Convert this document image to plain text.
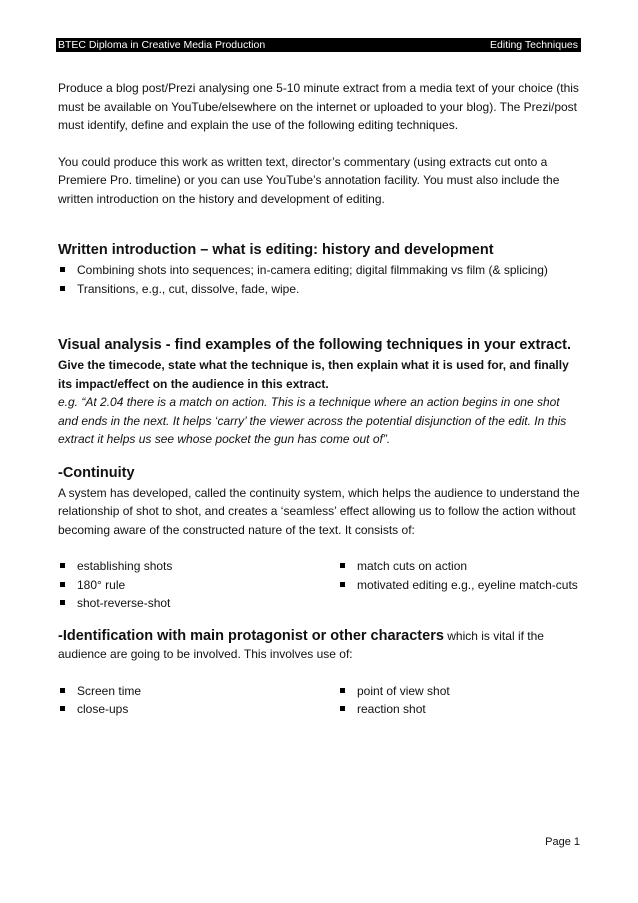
BTEC Diploma in Creative Media Production	Editing Techniques

Produce a blog post/Prezi analysing one 5-10 minute extract from a media text of your choice (this must be available on YouTube/elsewhere on the internet or uploaded to your blog). The Prezi/post must identify, define and explain the use of the following editing techniques.

You could produce this work as written text, director’s commentary (using extracts cut onto a Premiere Pro. timeline) or you can use YouTube’s annotation facility. You must also include the written introduction on the history and development of editing.

Written introduction – what is editing: history and development
Combining shots into sequences; in-camera editing; digital filmmaking vs film (& splicing)
Transitions, e.g., cut, dissolve, fade, wipe.
Visual analysis - find examples of the following techniques in your extract.

Give the timecode, state what the technique is, then explain what it is used for, and finally its impact/effect on the audience in this extract.

e.g. “At 2.04 there is a match on action. This is a technique where an action begins in one shot and ends in the next. It helps ‘carry’ the viewer across the potential disjunction of the edit. In this extract it helps us see whose pocket the gun has come out of”.

-Continuity

A system has developed, called the continuity system, which helps the audience to understand the relationship of shot to shot, and creates a ‘seamless’ effect allowing us to follow the action without becoming aware of the constructed nature of the text. It consists of:

establishing shots
180° rule
shot-reverse-shot
match cuts on action
motivated editing e.g., eyeline match-cuts

-Identification with main protagonist or other characters which is vital if the audience are going to be involved. This involves use of:

Screen time
close-ups
point of view shot
reaction shot
Page 1
